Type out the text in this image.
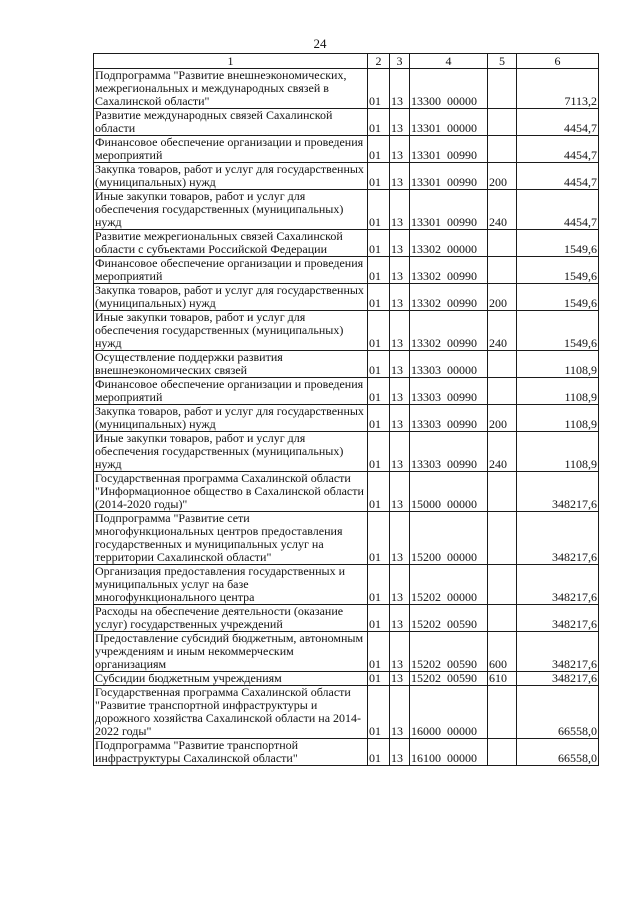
24
1	2	3	4	5	6
Подпрограмма "Развитие внешнеэкономических, межрегиональных и международных связей в Сахалинской области"	01	13	13300  00000		7113,2
Развитие международных связей Сахалинской области	01	13	13301  00000		4454,7
Финансовое обеспечение организации и проведения мероприятий	01	13	13301  00990		4454,7
Закупка товаров, работ и услуг для государственных (муниципальных) нужд	01	13	13301  00990	200	4454,7
Иные закупки товаров, работ и услуг для обеспечения государственных (муниципальных) нужд	01	13	13301  00990	240	4454,7
Развитие межрегиональных связей Сахалинской области с субъектами Российской Федерации	01	13	13302  00000		1549,6
Финансовое обеспечение организации и проведения мероприятий	01	13	13302  00990		1549,6
Закупка товаров, работ и услуг для государственных (муниципальных) нужд	01	13	13302  00990	200	1549,6
Иные закупки товаров, работ и услуг для обеспечения государственных (муниципальных) нужд	01	13	13302  00990	240	1549,6
Осуществление поддержки развития внешнеэкономических связей	01	13	13303  00000		1108,9
Финансовое обеспечение организации и проведения мероприятий	01	13	13303  00990		1108,9
Закупка товаров, работ и услуг для государственных (муниципальных) нужд	01	13	13303  00990	200	1108,9
Иные закупки товаров, работ и услуг для обеспечения государственных (муниципальных) нужд	01	13	13303  00990	240	1108,9
Государственная программа Сахалинской области "Информационное общество в Сахалинской области (2014-2020 годы)"	01	13	15000  00000		348217,6
Подпрограмма "Развитие сети многофункциональных центров предоставления государственных и муниципальных услуг на территории Сахалинской области"	01	13	15200  00000		348217,6
Организация предоставления государственных и муниципальных услуг на базе многофункционального центра	01	13	15202  00000		348217,6
Расходы на обеспечение деятельности (оказание услуг) государственных учреждений	01	13	15202  00590		348217,6
Предоставление субсидий бюджетным, автономным учреждениям и иным некоммерческим организациям	01	13	15202  00590	600	348217,6
Субсидии бюджетным учреждениям	01	13	15202  00590	610	348217,6
Государственная программа Сахалинской области "Развитие транспортной инфраструктуры и дорожного хозяйства Сахалинской области на 2014-2022 годы"	01	13	16000  00000		66558,0
Подпрограмма "Развитие транспортной инфраструктуры Сахалинской области"	01	13	16100  00000		66558,0
